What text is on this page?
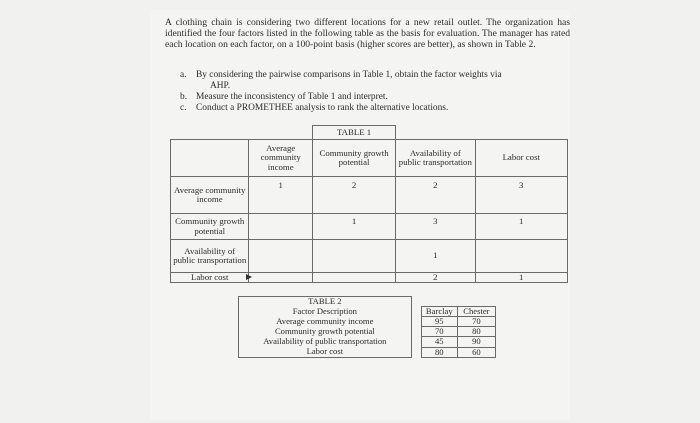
A clothing chain is considering two different locations for a new retail outlet. The organization has identified the four factors listed in the following table as the basis for evaluation. The manager has rated each location on each factor, on a 100-point basis (higher scores are better), as shown in Table 2.
a.	By considering the pairwise comparisons in Table 1, obtain the factor weights via
AHP.
b. Measure the inconsistency of Table 1 and interpret.
c.	Conduct a PROMETHEE analysis to rank the alternative locations.
		TABLE 1		
	Average community income	Community growth potential	Availability of public transportation	Labor cost
Average community income	1	2	2	3
Community growth potential		1	3	1
Availability of public transportation			1	
Labor cost			2	1
TABLE 2			
Factor Description		Barclay	Chester
Average community income		95	70
Community growth potential		70	80
Availability of public transportation		45	90
Labor cost		80	60
